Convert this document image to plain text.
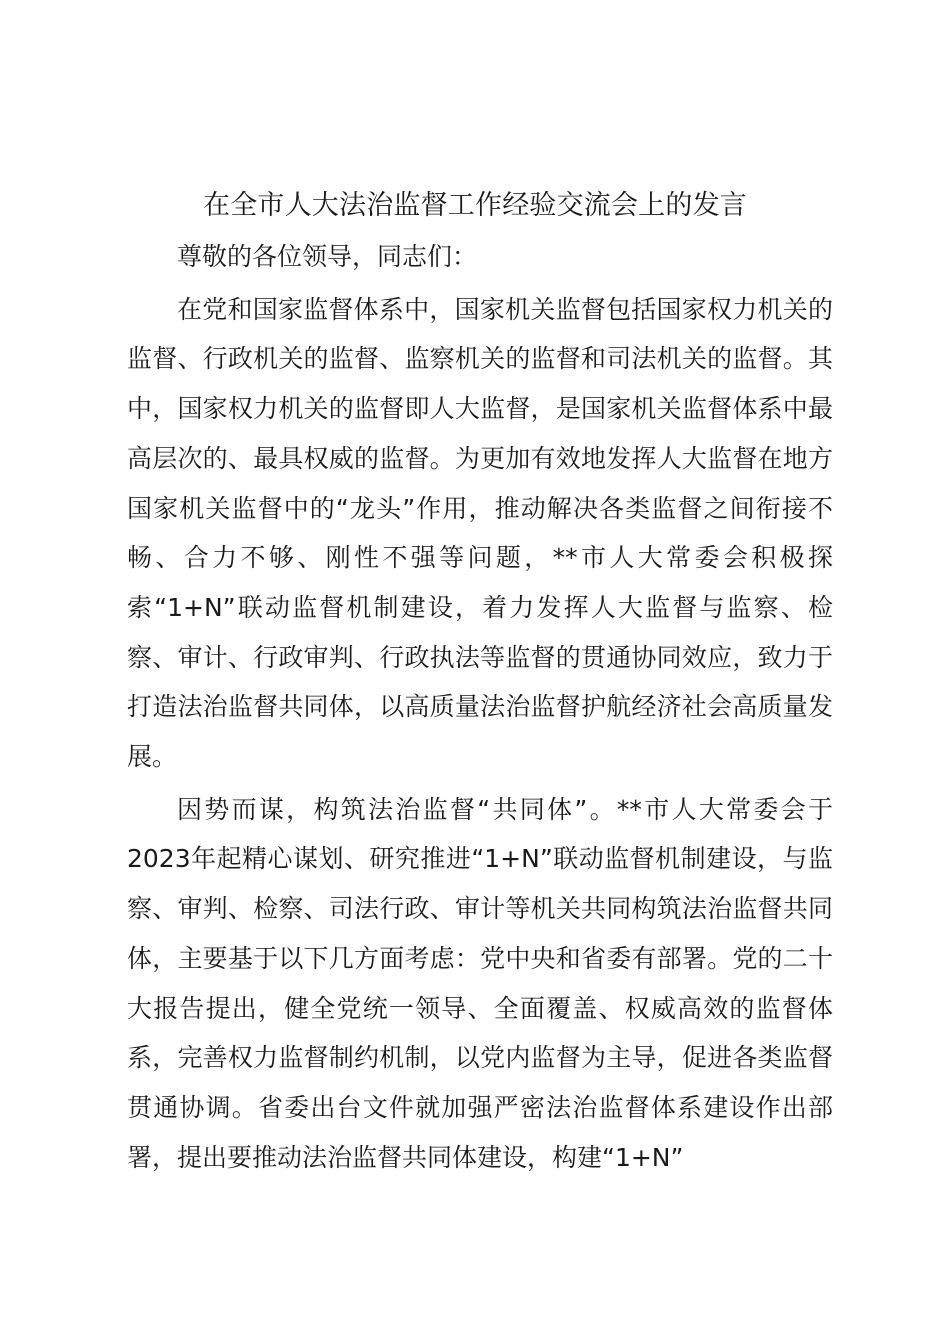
在全市人大法治监督工作经验交流会上的发言

尊敬的各位领导，同志们：

在党和国家监督体系中，国家机关监督包括国家权力机关的监督、行政机关的监督、监察机关的监督和司法机关的监督。其中，国家权力机关的监督即人大监督，是国家机关监督体系中最高层次的、最具权威的监督。为更加有效地发挥人大监督在地方国家机关监督中的“龙头”作用，推动解决各类监督之间衔接不畅、合力不够、刚性不强等问题，**市人大常委会积极探索“1+N”联动监督机制建设，着力发挥人大监督与监察、检察、审计、行政审判、行政执法等监督的贯通协同效应，致力于打造法治监督共同体，以高质量法治监督护航经济社会高质量发展。

因势而谋，构筑法治监督“共同体”。**市人大常委会于2023年起精心谋划、研究推进“1+N”联动监督机制建设，与监察、审判、检察、司法行政、审计等机关共同构筑法治监督共同体，主要基于以下几方面考虑：党中央和省委有部署。党的二十大报告提出，健全党统一领导、全面覆盖、权威高效的监督体系，完善权力监督制约机制，以党内监督为主导，促进各类监督贯通协调。省委出台文件就加强严密法治监督体系建设作出部署，提出要推动法治监督共同体建设，构建“1+N”
